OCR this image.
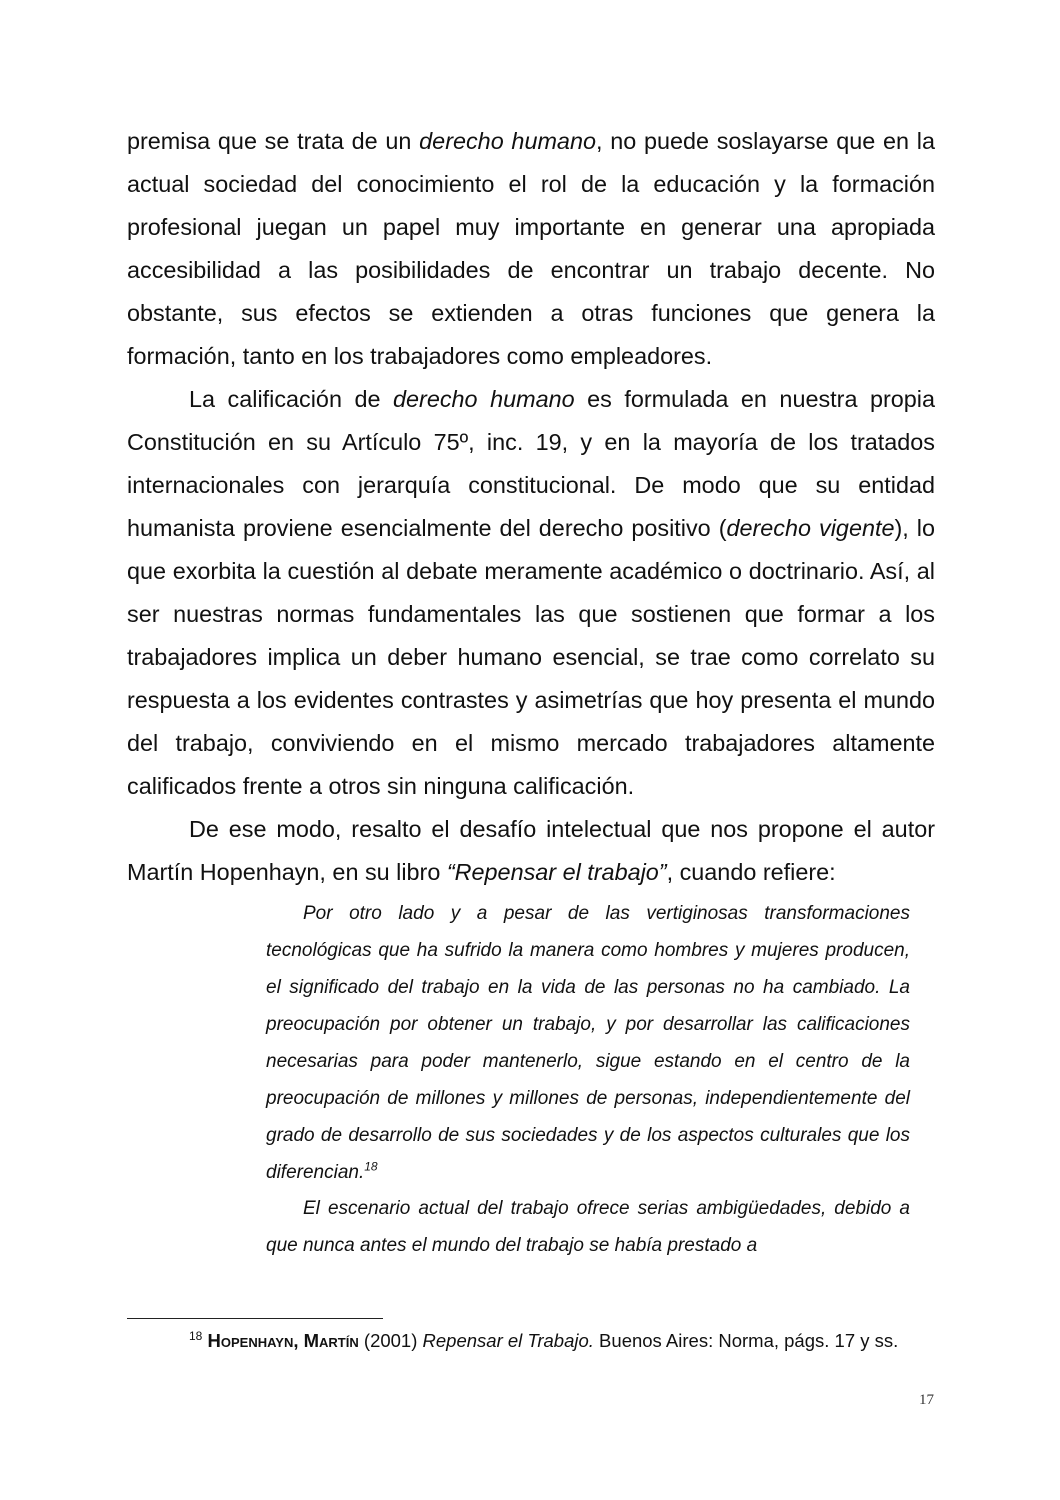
premisa que se trata de un derecho humano, no puede soslayarse que en la actual sociedad del conocimiento el rol de la educación y la formación profesional juegan un papel muy importante en generar una apropiada accesibilidad a las posibilidades de encontrar un trabajo decente. No obstante, sus efectos se extienden a otras funciones que genera la formación, tanto en los trabajadores como empleadores.

La calificación de derecho humano es formulada en nuestra propia Constitución en su Artículo 75º, inc. 19, y en la mayoría de los tratados internacionales con jerarquía constitucional. De modo que su entidad humanista proviene esencialmente del derecho positivo (derecho vigente), lo que exorbita la cuestión al debate meramente académico o doctrinario. Así, al ser nuestras normas fundamentales las que sostienen que formar a los trabajadores implica un deber humano esencial, se trae como correlato su respuesta a los evidentes contrastes y asimetrías que hoy presenta el mundo del trabajo, conviviendo en el mismo mercado trabajadores altamente calificados frente a otros sin ninguna calificación.

De ese modo, resalto el desafío intelectual que nos propone el autor Martín Hopenhayn, en su libro “Repensar el trabajo”, cuando refiere:

Por otro lado y a pesar de las vertiginosas transformaciones tecnológicas que ha sufrido la manera como hombres y mujeres producen, el significado del trabajo en la vida de las personas no ha cambiado. La preocupación por obtener un trabajo, y por desarrollar las calificaciones necesarias para poder mantenerlo, sigue estando en el centro de la preocupación de millones y millones de personas, independientemente del grado de desarrollo de sus sociedades y de los aspectos culturales que los diferencian.$^{18}$

El escenario actual del trabajo ofrece serias ambigüedades, debido a que nunca antes el mundo del trabajo se había prestado a

$^{18}$ Hopenhayn, Martín (2001) Repensar el Trabajo. Buenos Aires: Norma, págs. 17 y ss.

17
